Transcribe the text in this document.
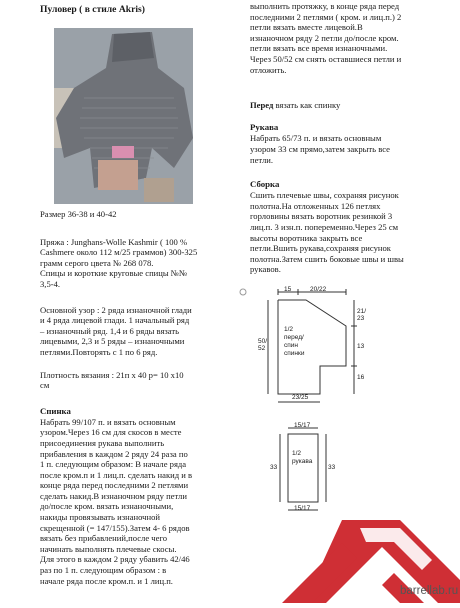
Пуловер ( в стиле Akris)

Размер 36-38 и 40-42

Пряжа : Junghans-Wolle Kashmir ( 100 %
Cashmere около 112 м/25 граммов) 300-325
грамм серого цвета № 268 078.
Спицы и короткие круговые спицы №№
3,5-4.

Основной узор : 2 ряда изнаночной глади
и 4 ряда лицевой глади. 1 начальный ряд
– изнаночный ряд. 1,4 и 6 ряды вязать
лицевыми, 2,3 и 5 ряды – изнаночными
петлями.Повторять с 1 по 6 ряд.

Плотность вязания : 21п х 40 р= 10 х10
см

Спинка

Набрать 99/107 п. и вязать основным
узором.Через 16 см для скосов в месте
присоединения рукава выполнить
прибавления в каждом 2 ряду 24 раза по
1 п. следующим образом: В начале ряда
после кром.п и 1 лиц.п. сделать накид и в
конце ряда перед последними 2 петлями
сделать накид.В изнаночном ряду петли
до/после кром. вязать изнаночными,
накиды провязывать изнаночной
скрещенной (= 147/155).Затем 4- 6 рядов
вязать без прибавлений,после чего
начинать выполнять плечевые скосы.
Для этого в каждом 2 ряду убавить 42/46
раз по 1 п. следующим образом : в
начале ряда после кром.п. и 1 лиц.п.

выполнить протяжку, в конце ряда перед
последними 2 петлями ( кром. и лиц.п.) 2
петли вязать вместе лицевой.В
изнаночном ряду 2 петли до/после кром.
петли вязать все время изнаночными.
Через 50/52 см снять оставшиеся петли и
отложить.

Перед вязать как спинку

Рукава

Набрать 65/73 п. и вязать основным
узором 33 см прямо,затем закрыть все
петли.

Сборка

Сшить плечевые швы, сохраняя рисунок
полотна.На отложенных 126 петлях
горловины вязать воротник резинкой 3
лиц.п. 3 изн.п. попеременно.Через 25 см
высоты воротника закрыть все
петли.Вшить рукава,сохраняя рисунок
полотна.Затем сшить боковые швы и швы
рукавов.

15	20/22
21/
23
13
16
50/
52
23/25
1/2
перед/
спин
спинки
15/17
33	33
15/17
1/2
рукава
barrellab.ru
